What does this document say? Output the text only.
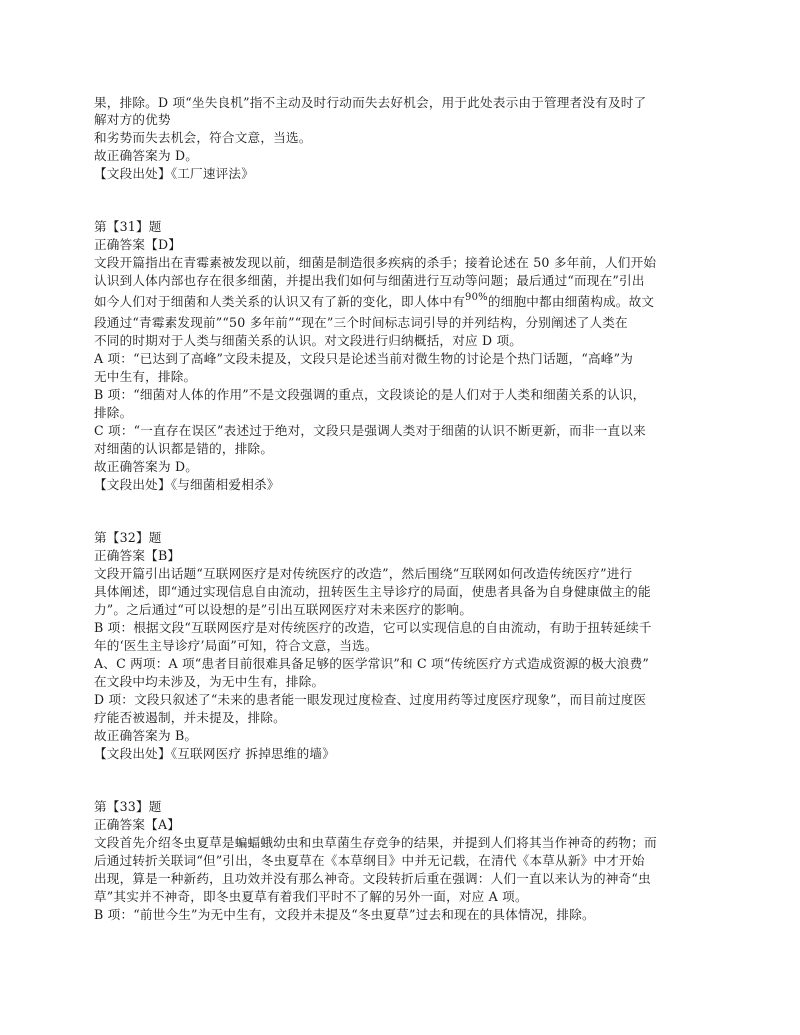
果，排除。D 项“坐失良机”指不主动及时行动而失去好机会，用于此处表示由于管理者没有及时了
解对方的优势
和劣势而失去机会，符合文意，当选。
故正确答案为 D。
【文段出处】《工厂速评法》
第【31】题
正确答案【D】
文段开篇指出在青霉素被发现以前，细菌是制造很多疾病的杀手；接着论述在 50 多年前，人们开始
认识到人体内部也存在很多细菌，并提出我们如何与细菌进行互动等问题；最后通过“而现在”引出
如今人们对于细菌和人类关系的认识又有了新的变化，即人体中有$^{90\%}$的细胞中都由细菌构成。故文
段通过“青霉素发现前”“50 多年前”“现在”三个时间标志词引导的并列结构，分别阐述了人类在
不同的时期对于人类与细菌关系的认识。对文段进行归纳概括，对应 D 项。
A 项：“已达到了高峰”文段未提及，文段只是论述当前对微生物的讨论是个热门话题，“高峰”为
无中生有，排除。
B 项：“细菌对人体的作用”不是文段强调的重点，文段谈论的是人们对于人类和细菌关系的认识，
排除。
C 项：“一直存在误区”表述过于绝对，文段只是强调人类对于细菌的认识不断更新，而非一直以来
对细菌的认识都是错的，排除。
故正确答案为 D。
【文段出处】《与细菌相爱相杀》
第【32】题
正确答案【B】
文段开篇引出话题“互联网医疗是对传统医疗的改造”，然后围绕“互联网如何改造传统医疗”进行
具体阐述，即“通过实现信息自由流动，扭转医生主导诊疗的局面，使患者具备为自身健康做主的能
力”。之后通过“可以设想的是”引出互联网医疗对未来医疗的影响。
B 项：根据文段“互联网医疗是对传统医疗的改造，它可以实现信息的自由流动，有助于扭转延续千
年的‘医生主导诊疗’局面”可知，符合文意，当选。
A、C 两项：A 项“患者目前很难具备足够的医学常识”和 C 项“传统医疗方式造成资源的极大浪费”
在文段中均未涉及，为无中生有，排除。
D 项：文段只叙述了“未来的患者能一眼发现过度检查、过度用药等过度医疗现象”，而目前过度医
疗能否被遏制，并未提及，排除。
故正确答案为 B。
【文段出处】《互联网医疗 拆掉思维的墙》
第【33】题
正确答案【A】
文段首先介绍冬虫夏草是蝙蝠蛾幼虫和虫草菌生存竞争的结果，并提到人们将其当作神奇的药物；而
后通过转折关联词“但”引出，冬虫夏草在《本草纲目》中并无记载，在清代《本草从新》中才开始
出现，算是一种新药，且功效并没有那么神奇。文段转折后重在强调：人们一直以来认为的神奇“虫
草”其实并不神奇，即冬虫夏草有着我们平时不了解的另外一面，对应 A 项。
B 项：“前世今生”为无中生有，文段并未提及“冬虫夏草”过去和现在的具体情况，排除。
